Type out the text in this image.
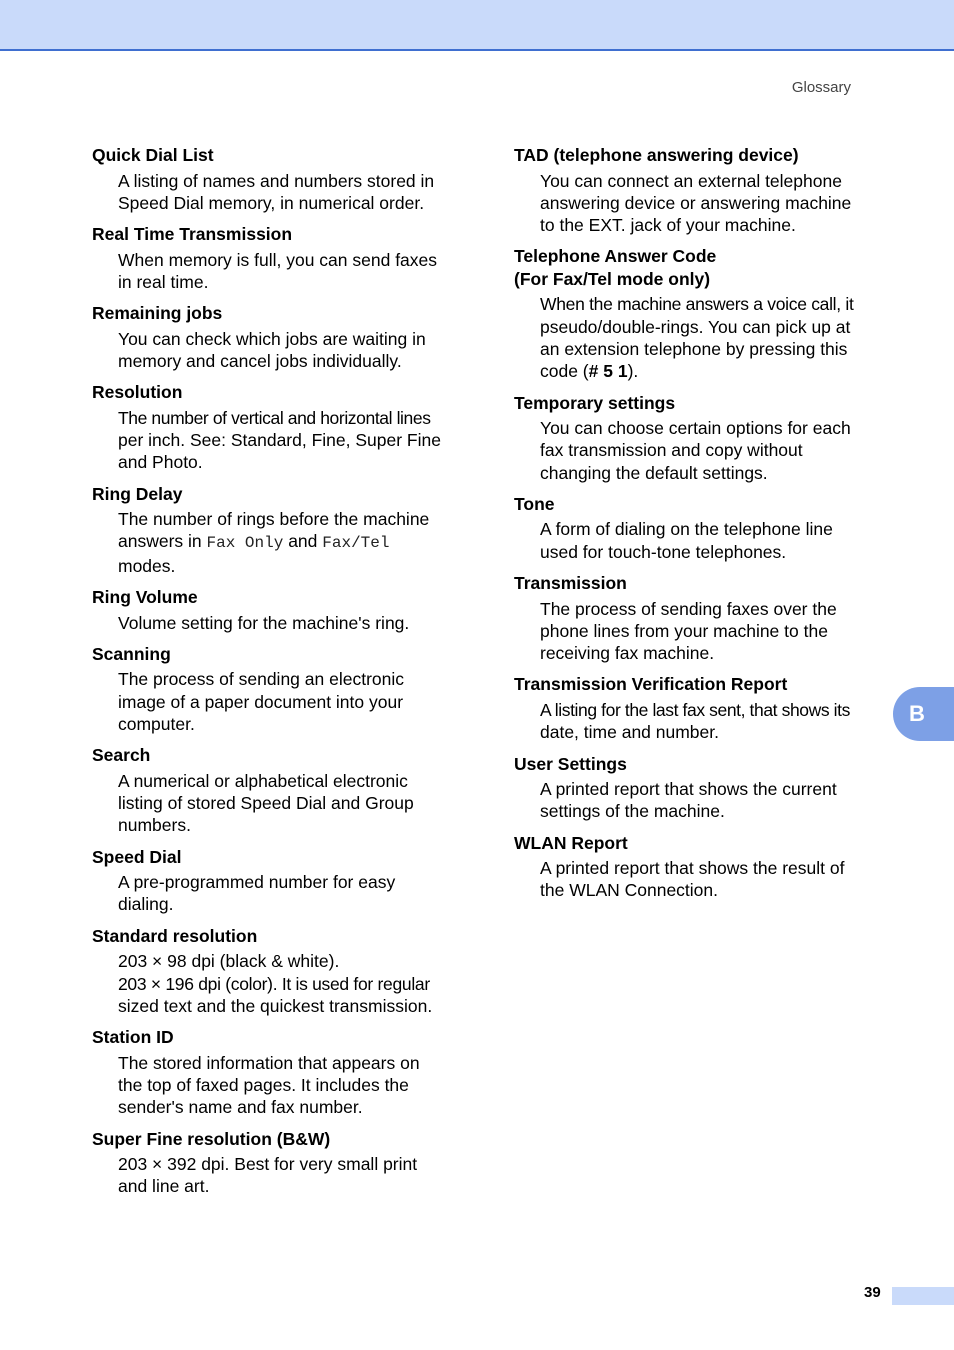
Glossary

Quick Dial List

A listing of names and numbers stored in
Speed Dial memory, in numerical order.

Real Time Transmission

When memory is full, you can send faxes
in real time.

Remaining jobs

You can check which jobs are waiting in
memory and cancel jobs individually.

Resolution

The number of vertical and horizontal lines
per inch. See: Standard, Fine, Super Fine
and Photo.

Ring Delay

The number of rings before the machine
answers in Fax Only and Fax/Tel
modes.

Ring Volume

Volume setting for the machine's ring.

Scanning

The process of sending an electronic
image of a paper document into your
computer.

Search

A numerical or alphabetical electronic
listing of stored Speed Dial and Group
numbers.

Speed Dial

A pre-programmed number for easy
dialing.

Standard resolution

203 × 98 dpi (black & white).
203 × 196 dpi (color). It is used for regular
sized text and the quickest transmission.

Station ID

The stored information that appears on
the top of faxed pages. It includes the
sender's name and fax number.

Super Fine resolution (B&W)

203 × 392 dpi. Best for very small print
and line art.

TAD (telephone answering device)

You can connect an external telephone
answering device or answering machine
to the EXT. jack of your machine.

Telephone Answer Code

(For Fax/Tel mode only)

When the machine answers a voice call, it
pseudo/double-rings. You can pick up at
an extension telephone by pressing this
code (# 5 1).

Temporary settings

You can choose certain options for each
fax transmission and copy without
changing the default settings.

Tone

A form of dialing on the telephone line
used for touch-tone telephones.

Transmission

The process of sending faxes over the
phone lines from your machine to the
receiving fax machine.

Transmission Verification Report

A listing for the last fax sent, that shows its
date, time and number.

User Settings

A printed report that shows the current
settings of the machine.

WLAN Report

A printed report that shows the result of
the WLAN Connection.
B
39
